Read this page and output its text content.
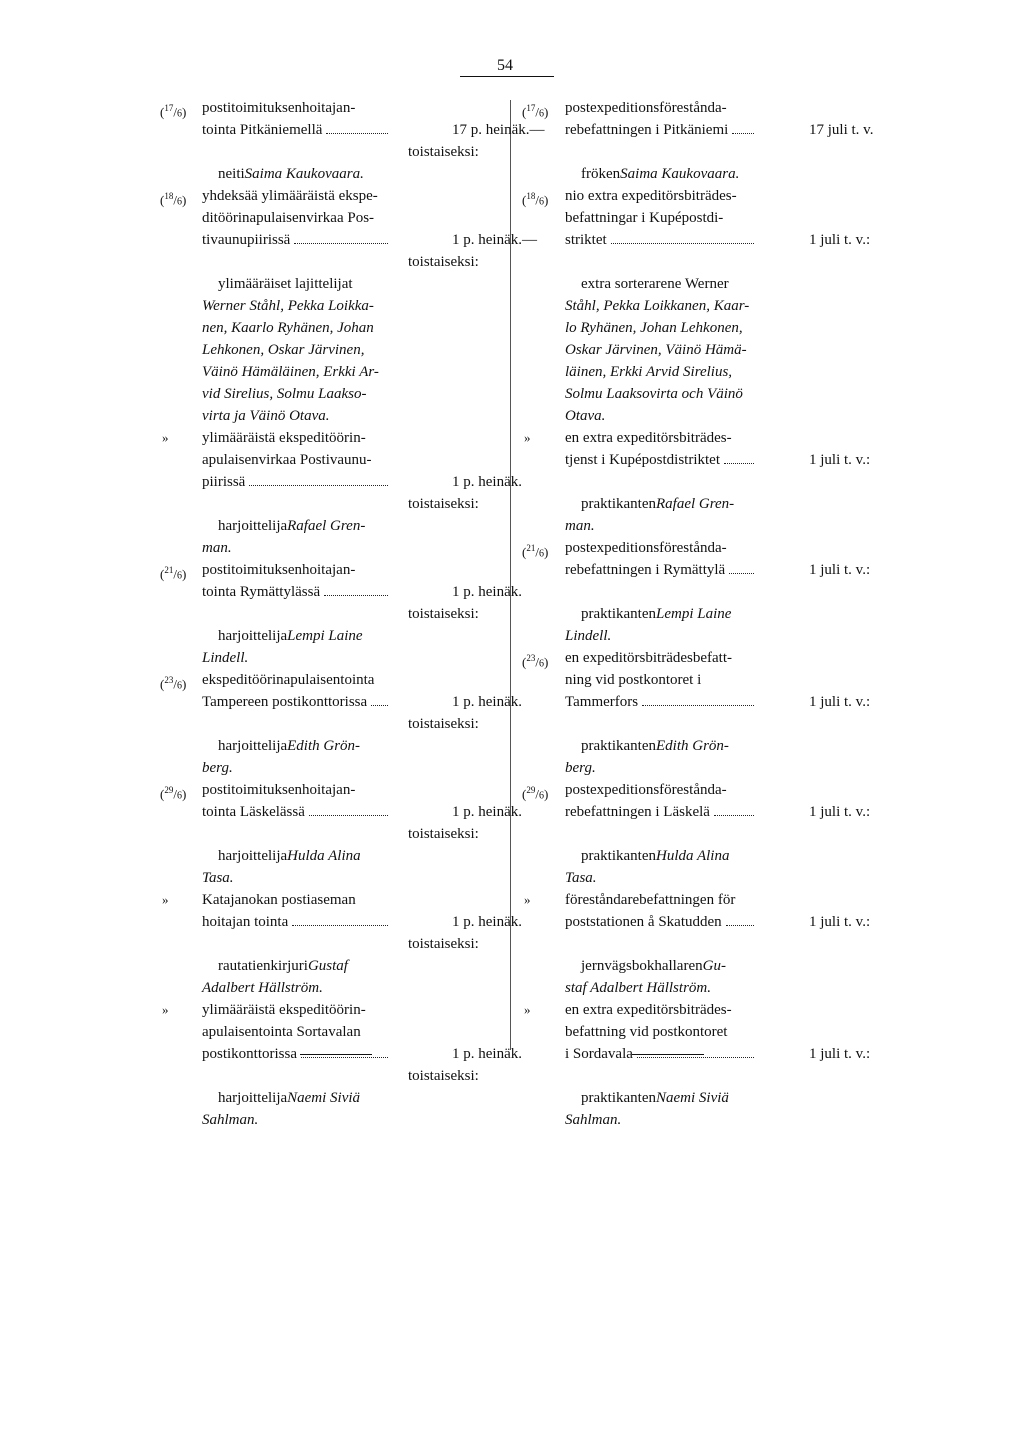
54
($^{17}$/6) postitoimituksenhoitajan-
tointa Pitkäniemellä	17 p. heinäk.—
toistaiseksi:
neiti Saima Kaukovaara.
($^{18}$/6) yhdeksää ylimääräistä ekspe-
ditöörinapulaisenvirkaa Pos-
tivaunupiirissä	1 p. heinäk.—
toistaiseksi:
ylimääräiset lajittelijat
Werner Ståhl, Pekka Loikka-
nen, Kaarlo Ryhänen, Johan
Lehkonen, Oskar Järvinen,
Väinö Hämäläinen, Erkki Ar-
vid Sirelius, Solmu Laakso-
virta ja Väinö Otava.
» ylimääräistä ekspeditöörin-
apulaisenvirkaa Postivaunu-
piirissä	1 p. heinäk.
toistaiseksi:
harjoittelija Rafael Gren-
man.
($^{21}$/6) postitoimituksenhoitajan-
tointa Rymättylässä	1 p. heinäk.
toistaiseksi:
harjoittelija Lempi Laine
Lindell.
($^{23}$/6) ekspeditöörinapulaisentointa
Tampereen postikonttorissa	1 p. heinäk.
toistaiseksi:
harjoittelija Edith Grön-
berg.
($^{29}$/6) postitoimituksenhoitajan-
tointa Läskelässä	1 p. heinäk.
toistaiseksi:
harjoittelija Hulda Alina
Tasa.
» Katajanokan postiaseman
hoitajan tointa	1 p. heinäk.
toistaiseksi:
rautatienkirjuri Gustaf
Adalbert Hällström.
» ylimääräistä ekspeditöörin-
apulaisentointa Sortavalan
postikonttorissa	1 p. heinäk.
toistaiseksi:
harjoittelija Naemi Siviä
Sahlman.
($^{17}$/6) postexpeditionsförestånda-
rebefattningen i Pitkäniemi	17 juli t. v.
fröken Saima Kaukovaara.
($^{18}$/6) nio extra expeditörsbiträdes-
befattningar i Kupépostdi-
striktet	1 juli t. v.:
extra sorterarene Werner
Ståhl, Pekka Loikkanen, Kaar-
lo Ryhänen, Johan Lehkonen,
Oskar Järvinen, Väinö Hämä-
läinen, Erkki Arvid Sirelius,
Solmu Laaksovirta och Väinö
Otava.
» en extra expeditörsbiträdes-
tjenst i Kupépostdistriktet	1 juli t. v.:
praktikanten Rafael Gren-
man.
($^{21}$/6) postexpeditionsförestånda-
rebefattningen i Rymättylä	1 juli t. v.:
praktikanten Lempi Laine
Lindell.
($^{23}$/6) en expeditörsbiträdesbefatt-
ning vid postkontoret i
Tammerfors	1 juli t. v.:
praktikanten Edith Grön-
berg.
($^{29}$/6) postexpeditionsförestånda-
rebefattningen i Läskelä	1 juli t. v.:
praktikanten Hulda Alina
Tasa.
» föreståndarebefattningen för
poststationen å Skatudden	1 juli t. v.:
jernvägsbokhallaren Gu-
staf Adalbert Hällström.
» en extra expeditörsbiträdes-
befattning vid postkontoret
i Sordavala	1 juli t. v.:
praktikanten Naemi Siviä
Sahlman.
